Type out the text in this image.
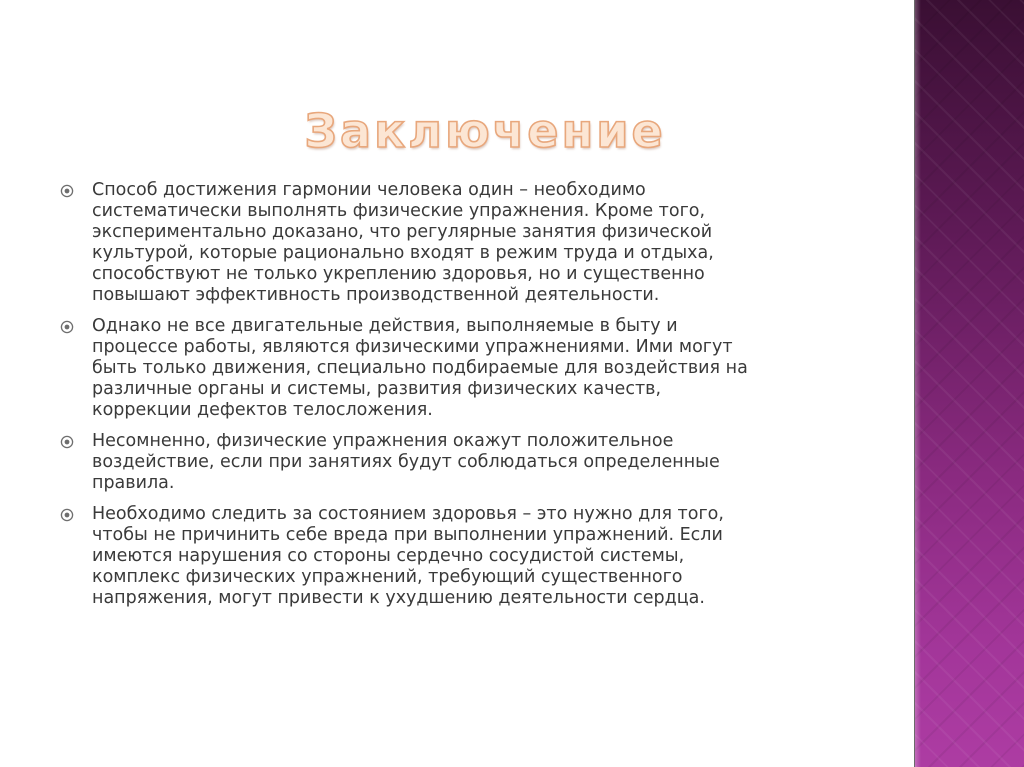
Заключение
Способ достижения гармонии человека один – необходимо
систематически выполнять физические упражнения. Кроме того,
экспериментально доказано, что регулярные занятия физической
культурой, которые рационально входят в режим труда и отдыха,
способствуют не только укреплению здоровья, но и существенно
повышают эффективность производственной деятельности.
Однако не все двигательные действия, выполняемые в быту и
процессе работы, являются физическими упражнениями. Ими могут
быть только движения, специально подбираемые для воздействия на
различные органы и системы, развития физических качеств,
коррекции дефектов телосложения.
Несомненно, физические упражнения окажут положительное
воздействие, если при занятиях будут соблюдаться определенные
правила.
Необходимо следить за состоянием здоровья – это нужно для того,
чтобы не причинить себе вреда при выполнении упражнений. Если
имеются нарушения со стороны сердечно сосудистой системы,
комплекс физических упражнений, требующий существенного
напряжения, могут привести к ухудшению деятельности сердца.
